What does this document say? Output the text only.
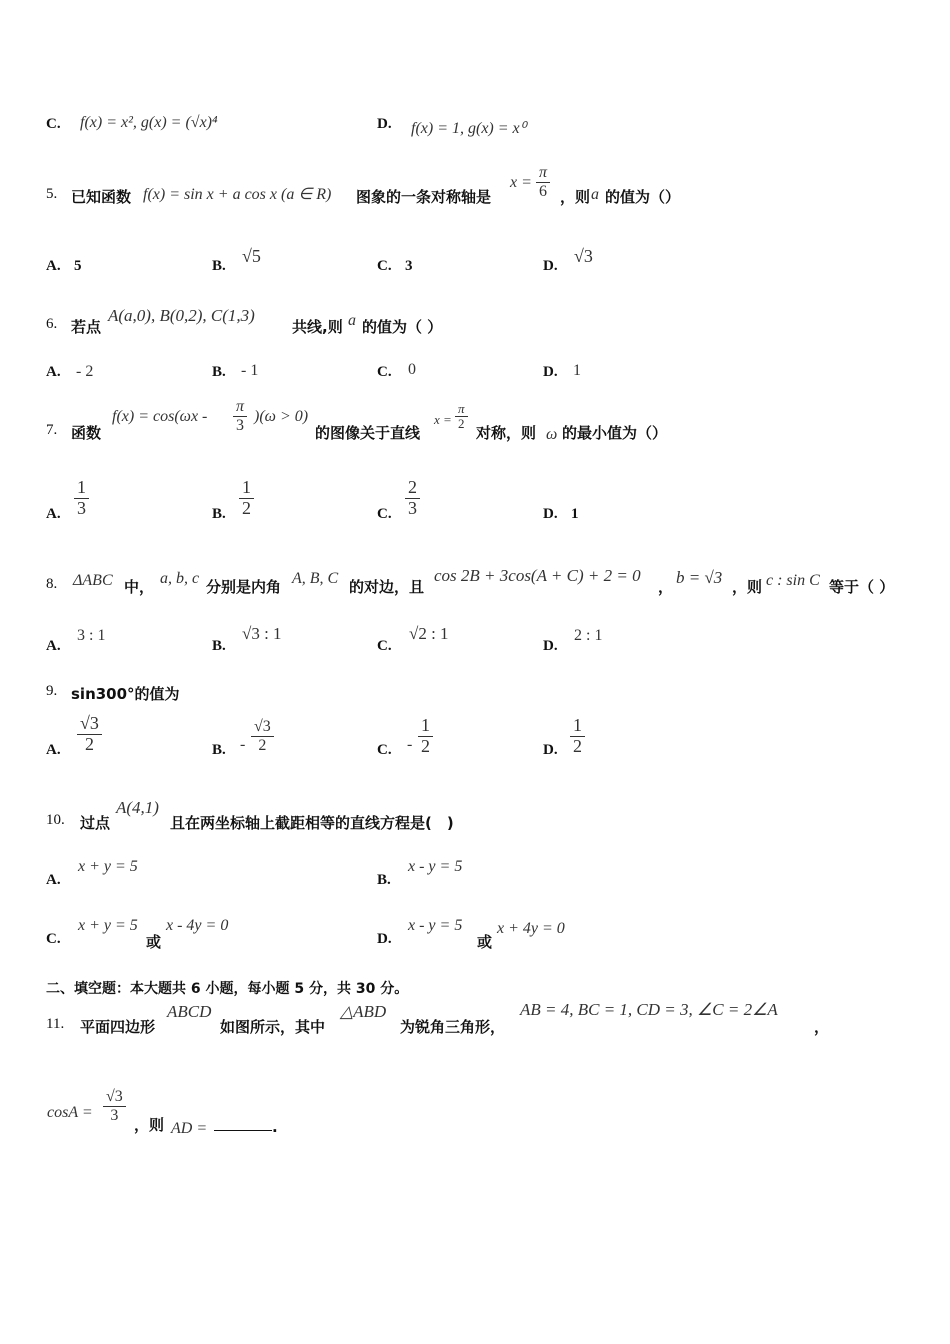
C. f(x) = x², g(x) = (√x)⁴	D. f(x) = 1, g(x) = x⁰
5. 已知函数 f(x) = sin x + a cos x (a ∈ R) 图象的一条对称轴是
$x = \frac{\pi}{6}$ ，则 a 的值为（）
A. 5	B. √5	C. 3	D. √3
6. 若点
A(a,0), B(0,2), C(1,3)
共线,则 a 的值为（ ）
A. - 2	B. - 1	C. 0	D. 1
7. 函数
$f(x) = \cos(\omega x - \frac{\pi}{3} )(\omega > 0)$
的图像关于直线
$x = \frac{\pi}{2}$
对称，则 ω 的最小值为（）
A. $\frac{1}{3}$	B. $\frac{1}{2}$	C. $\frac{2}{3}$	D. 1
8. ΔABC 中， a, b, c 分别是内角 A, B, C 的对边，且
cos 2B + 3cos(A + C) + 2 = 0
， b = √3 ，则 c : sin C 等于（ ）
A.
3 : 1
B.
√3 : 1
C.
√2 : 1
D.
2 : 1
9. sin300°的值为
A. $\frac{√3}{2}$	B. - $\frac{√3}{2}$	C. - $\frac{1}{2}$	D. $\frac{1}{2}$
10. 过点
A(4,1)
且在两坐标轴上截距相等的直线方程是(　)
A.
x + y = 5
B.
x - y = 5
C.
x + y = 5
或
x - 4y = 0
D.
x - y = 5
或
x + 4y = 0
二、填空题：本大题共 6 小题，每小题 5 分，共 30 分。
11. 平面四边形
ABCD
如图所示，其中
△ABD
为锐角三角形，
AB = 4, BC = 1, CD = 3, ∠C = 2∠A
，
$\cos A = \frac{√3}{3}$
，则 AD =	.
